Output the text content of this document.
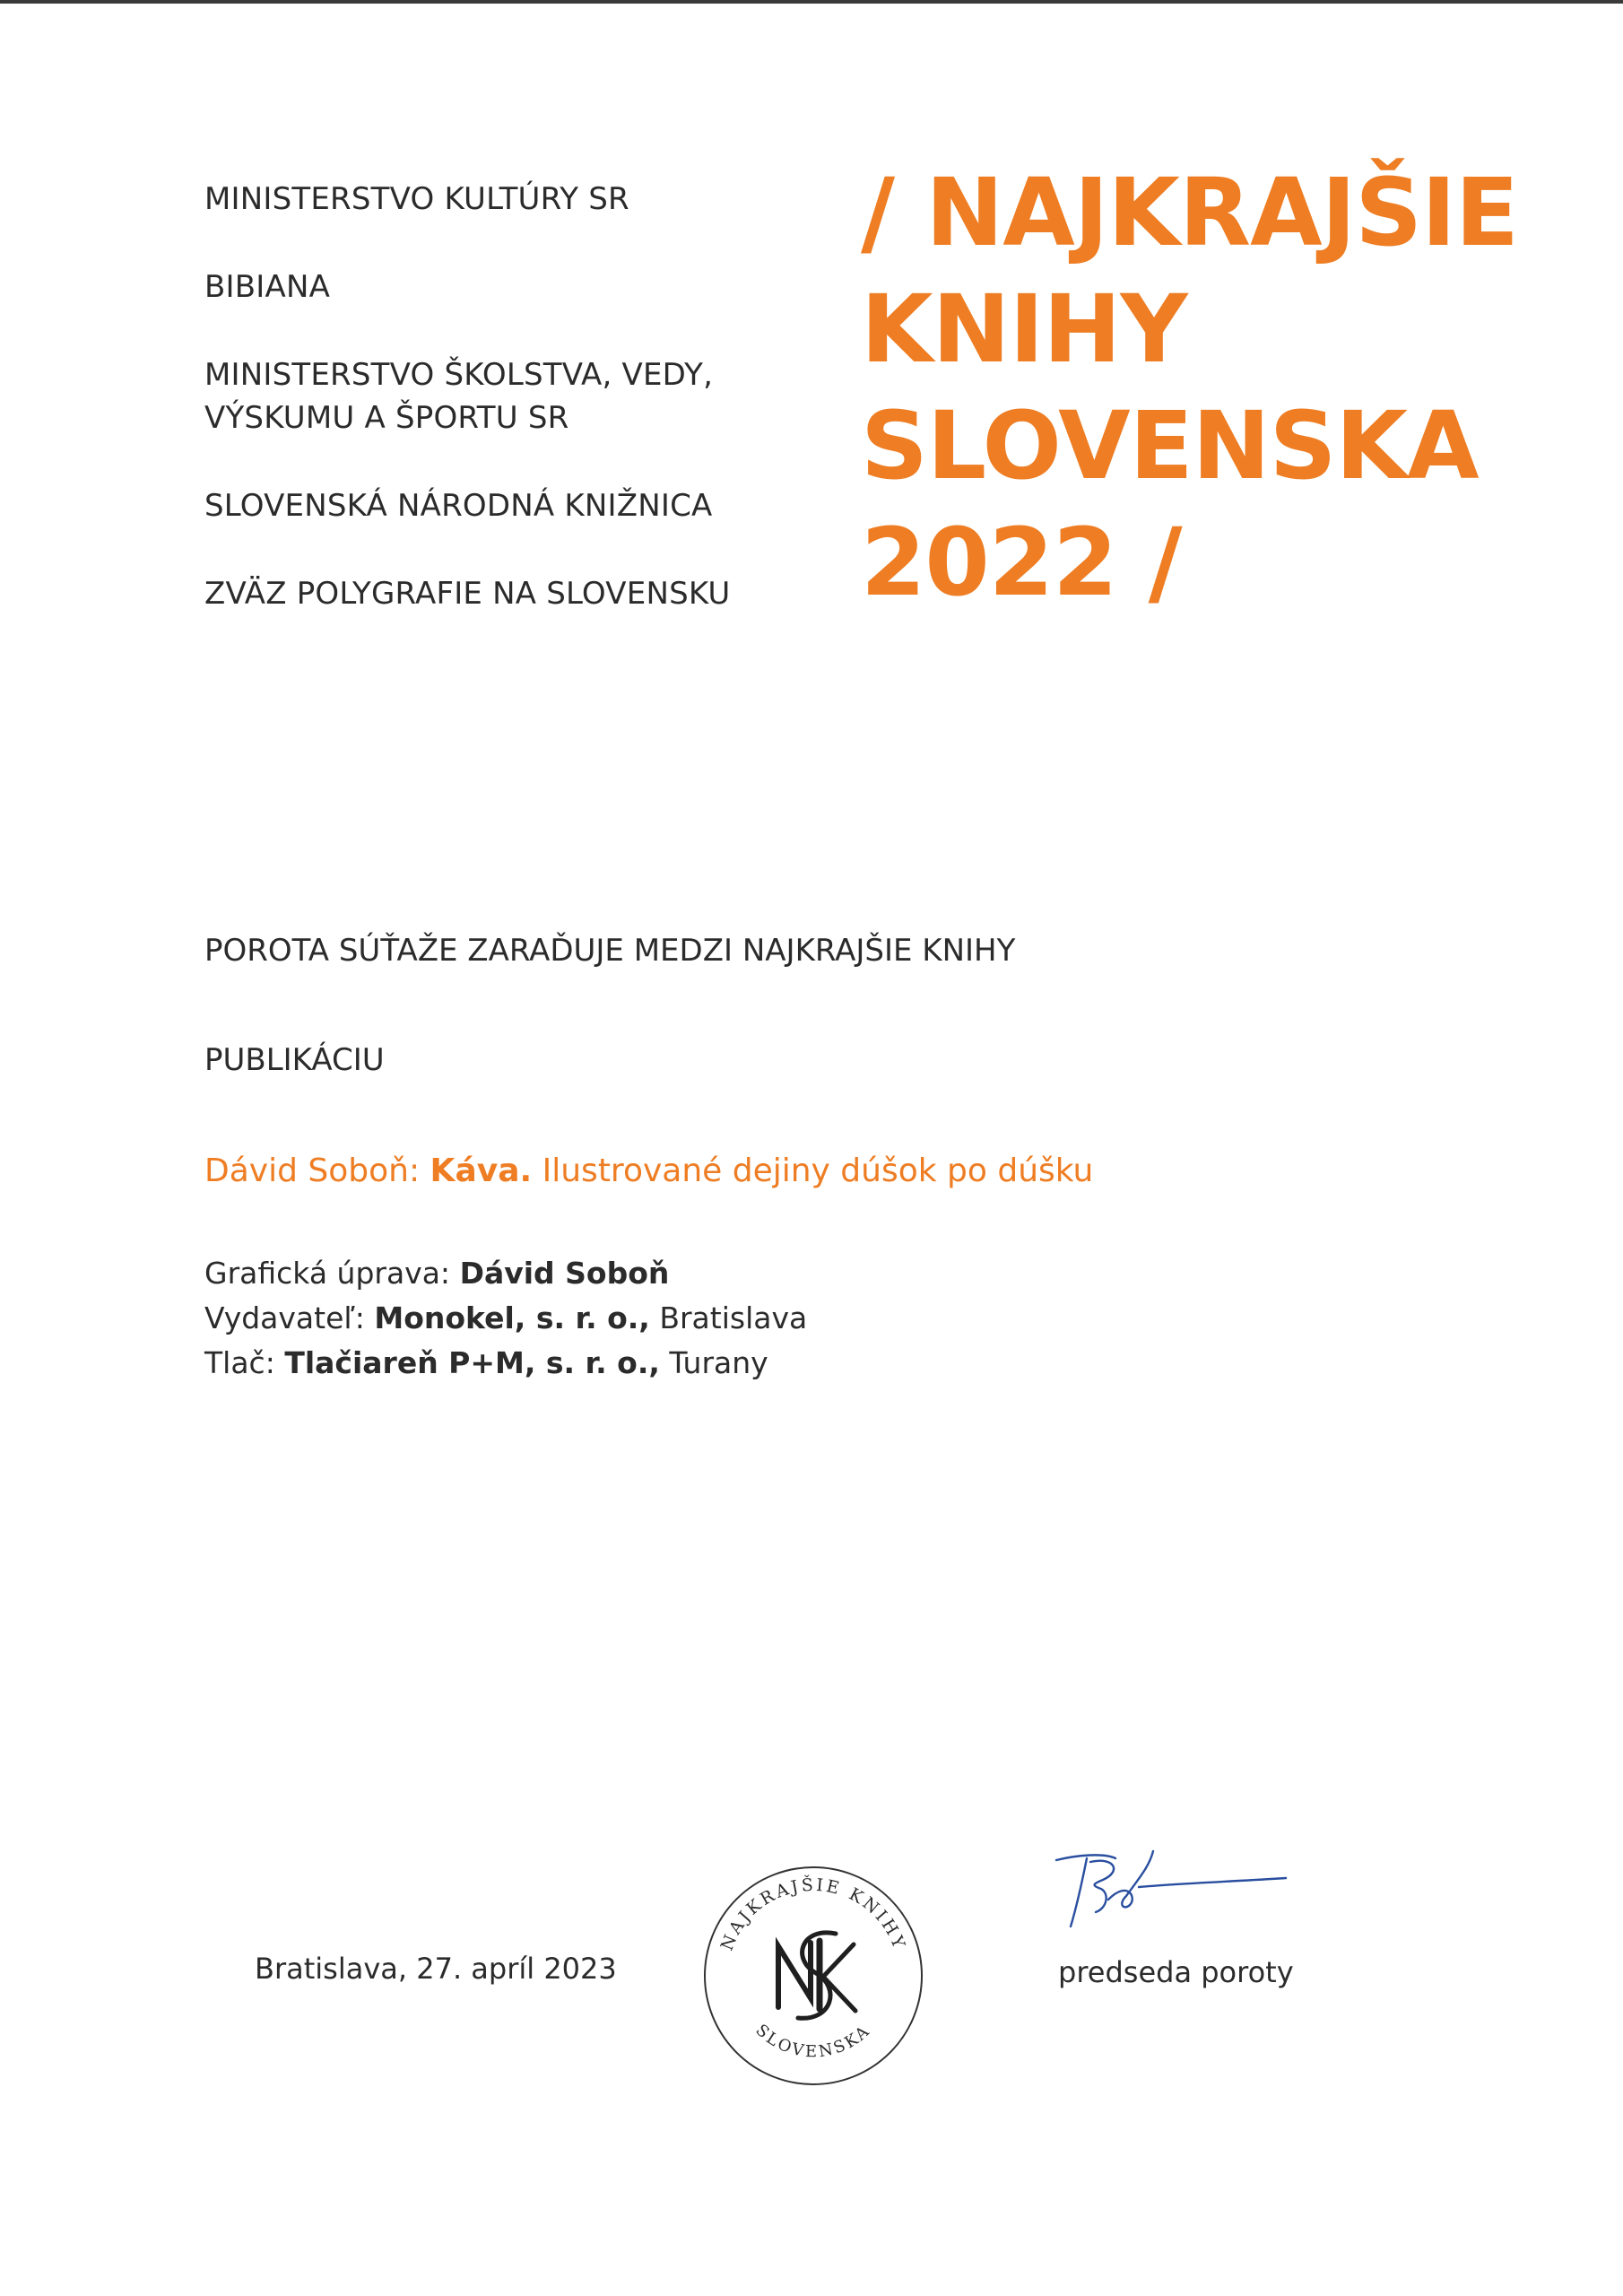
MINISTERSTVO KULTÚRY SR

BIBIANA

MINISTERSTVO ŠKOLSTVA, VEDY,
VÝSKUMU A ŠPORTU SR

SLOVENSKÁ NÁRODNÁ KNIŽNICA

ZVÄZ POLYGRAFIE NA SLOVENSKU

/ NAJKRAJŠIE
KNIHY
SLOVENSKA
2022 /

POROTA SÚŤAŽE ZARAĎUJE MEDZI NAJKRAJŠIE KNIHY

PUBLIKÁCIU

Dávid Soboň: Káva. Ilustrované dejiny dúšok po dúšku

Grafická úprava: Dávid Soboň
Vydavateľ: Monokel, s. r. o., Bratislava
Tlač: Tlačiareň P+M, s. r. o., Turany
Bratislava, 27. apríl 2023
NAJKRAJŠIE KNIHY
SLOVENSKA
predseda poroty
